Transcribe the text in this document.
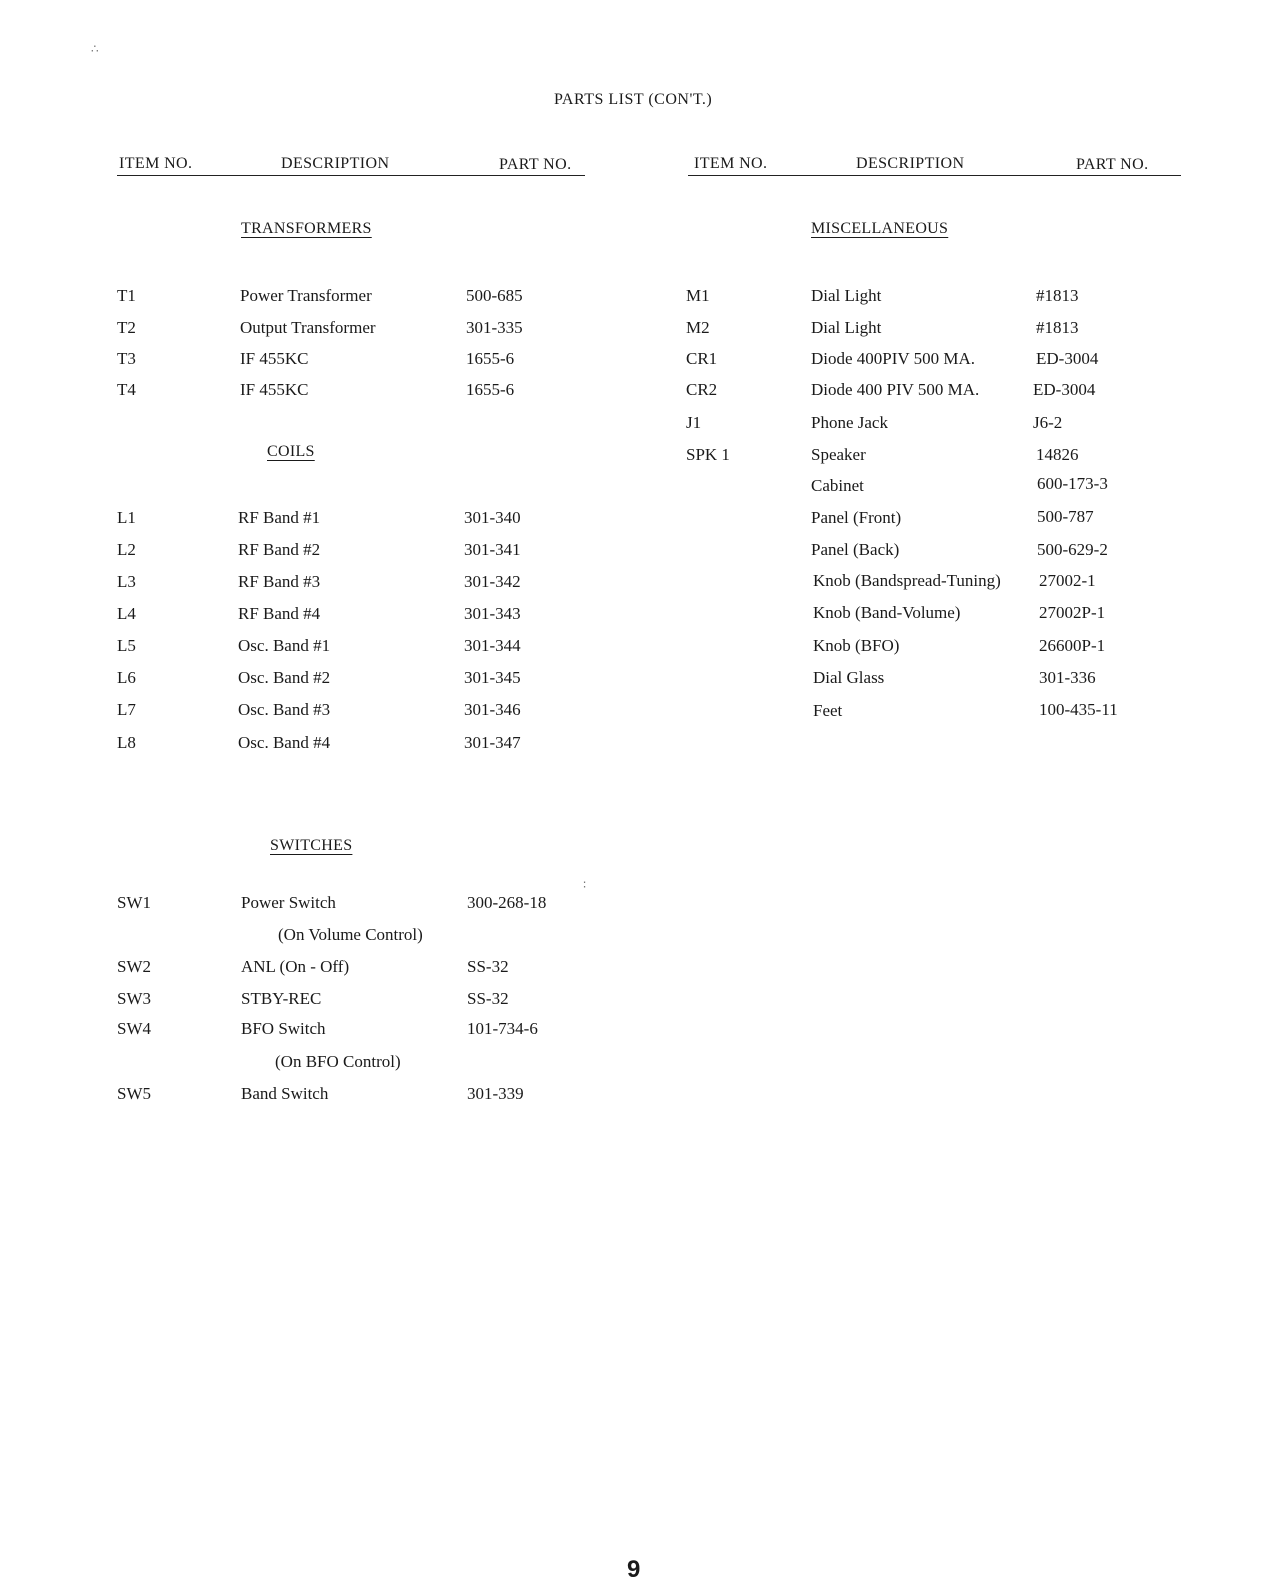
PARTS LIST (CON'T.)
ITEM NO.	DESCRIPTION	PART NO.	ITEM NO.	DESCRIPTION	PART NO.
TRANSFORMERS
COILS
SWITCHES
MISCELLANEOUS
T1	Power Transformer	500-685
T2	Output Transformer	301-335
T3	IF 455KC	1655-6
T4	IF 455KC	1655-6
L1	RF Band #1	301-340
L2	RF Band #2	301-341
L3	RF Band #3	301-342
L4	RF Band #4	301-343
L5	Osc. Band #1	301-344
L6	Osc. Band #2	301-345
L7	Osc. Band #3	301-346
L8	Osc. Band #4	301-347
SW1	Power Switch	300-268-18
(On Volume Control)
SW2	ANL (On - Off)	SS-32
SW3	STBY-REC	SS-32
SW4	BFO Switch	101-734-6
(On BFO Control)
SW5	Band Switch	301-339
M1	Dial Light	#1813
M2	Dial Light	#1813
CR1	Diode 400PIV 500 MA.	ED-3004
CR2	Diode 400 PIV 500 MA.	ED-3004
J1	Phone Jack	J6-2
SPK 1	Speaker	14826
Cabinet	600-173-3
Panel (Front)	500-787
Panel (Back)	500-629-2
Knob (Bandspread-Tuning) 27002-1
Knob (Band-Volume)	27002P-1
Knob (BFO)	26600P-1
Dial Glass	301-336
Feet	100-435-11
∴
∶
9
